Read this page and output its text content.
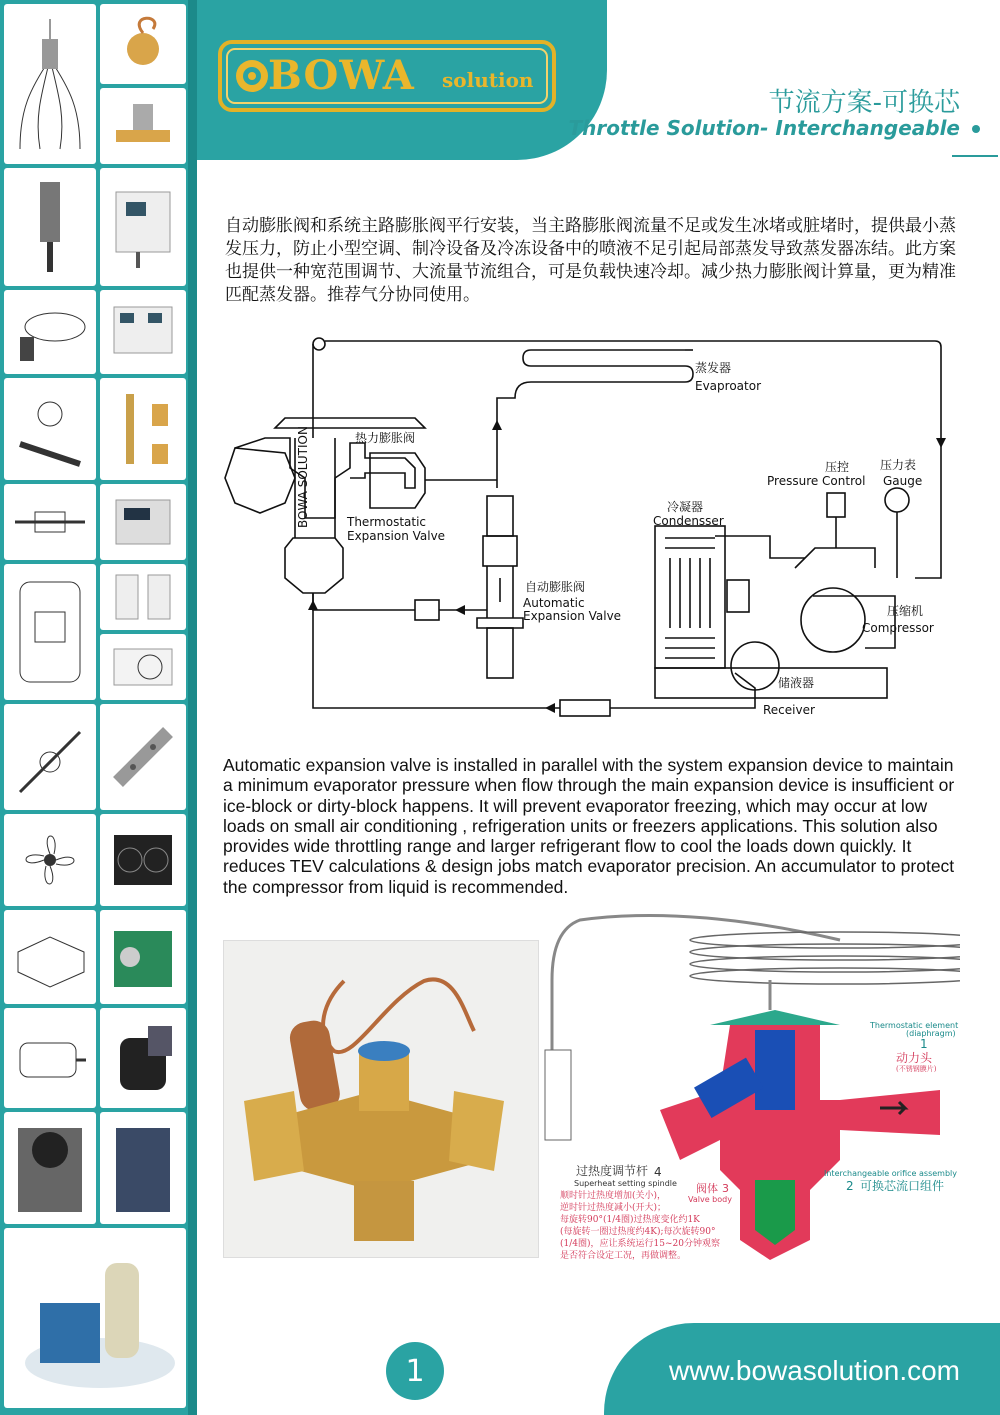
BOWA solution
节流方案-可换芯
Throttle Solution- Interchangeable
自动膨胀阀和系统主路膨胀阀平行安装，当主路膨胀阀流量不足或发生冰堵或脏堵时，提供最小蒸发压力，防止小型空调、制冷设备及冷冻设备中的喷液不足引起局部蒸发导致蒸发器冻结。此方案也提供一种宽范围调节、大流量节流组合，可是负载快速冷却。减少热力膨胀阀计算量，更为精准匹配蒸发器。推荐气分协同使用。
BOWA SOLUTION
蒸发器
Evaproator
热力膨胀阀
Thermostatic
Expansion Valve
压控
Pressure Control
压力表
Gauge
冷凝器
Condensser
自动膨胀阀
Automatic
Expansion Valve	压缩机
Compressor
储液器
Receiver
Automatic expansion valve is installed in parallel with the system expansion device to maintain a minimum evaporator pressure when flow through the main expansion device is insufficient or ice-block or dirty-block happens. It will prevent evaporator freezing, which may occur at low loads on small air conditioning , refrigeration units or freezers applications. This solution also provides wide throttling range and larger refrigerant flow to cool the loads down quickly. It reduces TEV calculations & design jobs match evaporator precision. An accumulator to protect the compressor from liquid is recommended.
Thermostatic element
(diaphragm)
1
动力头
(不锈钢膜片)
过热度调节杆 4
Superheat setting spindle
顺时针过热度增加(关小)，
逆时针过热度减小(开大)；
每旋转90°(1/4圈)过热度变化约1K
(每旋转一圈过热度约4K);每次旋转90°
(1/4圈)，应让系统运行15~20分钟观察
是否符合设定工况，再做调整。
阀体 3
Valve body
Interchangeable orifice assembly
2 可换芯流口组件
1	www.bowasolution.com
